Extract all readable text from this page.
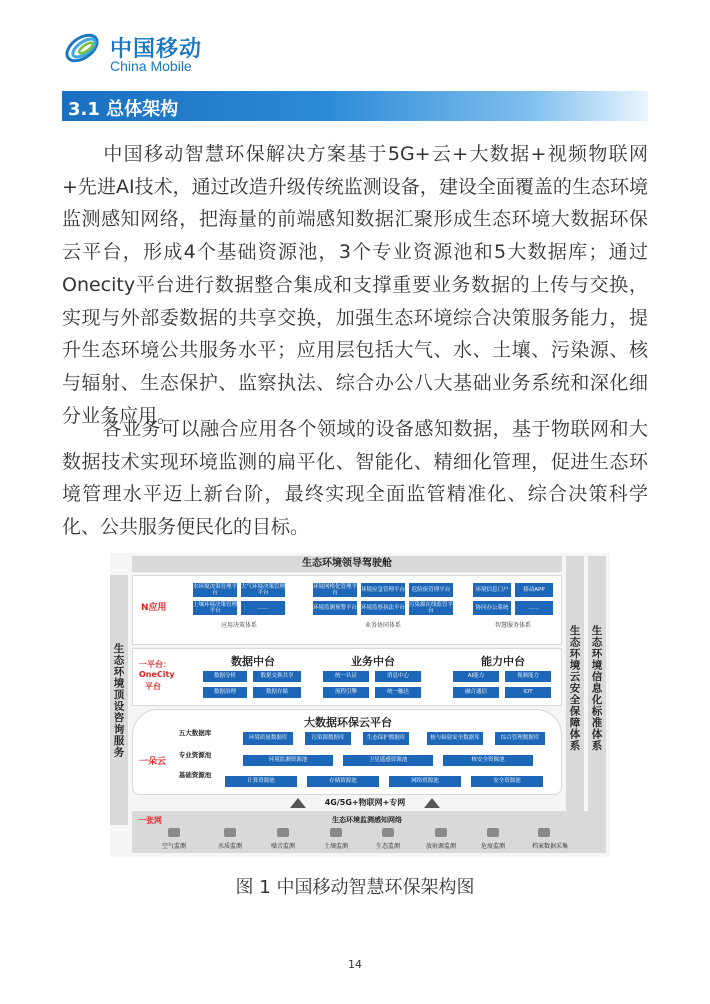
中国移动
China Mobile
3.1 总体架构
中国移动智慧环保解决方案基于5G+云+大数据+视频物联网+先进AI技术，通过改造升级传统监测设备，建设全面覆盖的生态环境监测感知网络，把海量的前端感知数据汇聚形成生态环境大数据环保云平台，形成4个基础资源池，3个专业资源池和5大数据库；通过Onecity平台进行数据整合集成和支撑重要业务数据的上传与交换，实现与外部委数据的共享交换，加强生态环境综合决策服务能力，提升生态环境公共服务水平；应用层包括大气、水、土壤、污染源、核与辐射、生态保护、监察执法、综合办公八大基础业务系统和深化细分业务应用。
各业务可以融合应用各个领域的设备感知数据，基于物联网和大数据技术实现环境监测的扁平化、智能化、精细化管理，促进生态环境管理水平迈上新台阶，最终实现全面监管精准化、综合决策科学化、公共服务便民化的目标。
生态环境领导驾驶舱
生态环境顶设咨询服务	生态环境云安全保障体系 生态环境信息化标准体系
N应用
水环境决策管理平台
大气环境决策管理平台
土壤环境决策管理平台
……
应用决策体系
环境网格化管理平台
环境应急管理平台	危险废管理平台
环境监测预警平台 环境监察执法平台
污染源在线监管平台
业务协同体系
环境信息门户	移动APP
协同办公系统	……
智慧服务体系
一平台：
OneCity
平台
数据中台
数据分析	数据交换共享
数据治理	数据存储
业务中台
统一认证	消息中心
流程引擎	统一触达
能力中台
AI能力	视频能力
融合通信	IOT
一朵云
大数据环保云平台
五大数据库
环境质量数据库	污染源数据库	生态保护数据库	核与辐射安全数据库	综合管理数据库
专业资源池
环境监测资源池	卫星遥感资源池	核安全资源池
基础资源池
计算资源池	存储资源池	网络资源池	安全资源池
4G/5G+物联网+专网
一张网	生态环境监测感知网络
空气监测	水质监测	噪音监测	土壤监测	生态监测	放射源监测	危废监测	档案数据采集
图 1 中国移动智慧环保架构图
14
